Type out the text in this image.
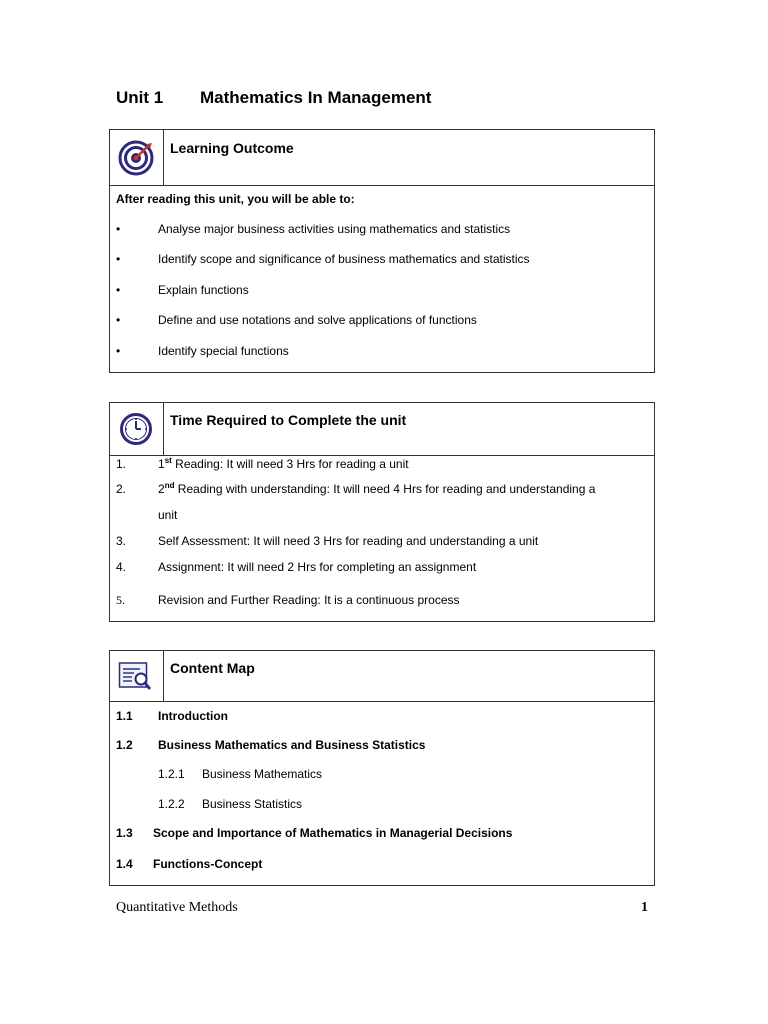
Unit 1 Mathematics In Management
Learning Outcome
After reading this unit, you will be able to:
•	Analyse major business activities using mathematics and statistics
•	Identify scope and significance of business mathematics and statistics
•	Explain functions
•	Define and use notations and solve applications of functions
•	Identify special functions
Time Required to Complete the unit
1.	1st Reading: It will need 3 Hrs for reading a unit
2.	2nd Reading with understanding: It will need 4 Hrs for reading and understanding a
unit
3.	Self Assessment: It will need 3 Hrs for reading and understanding a unit
4.	Assignment: It will need 2 Hrs for completing an assignment
5.	Revision and Further Reading: It is a continuous process
Content Map
1.1 Introduction
1.2 Business Mathematics and Business Statistics
1.2.1 Business Mathematics
1.2.2 Business Statistics
1.3 Scope and Importance of Mathematics in Managerial Decisions
1.4 Functions-Concept
Quantitative Methods	1
